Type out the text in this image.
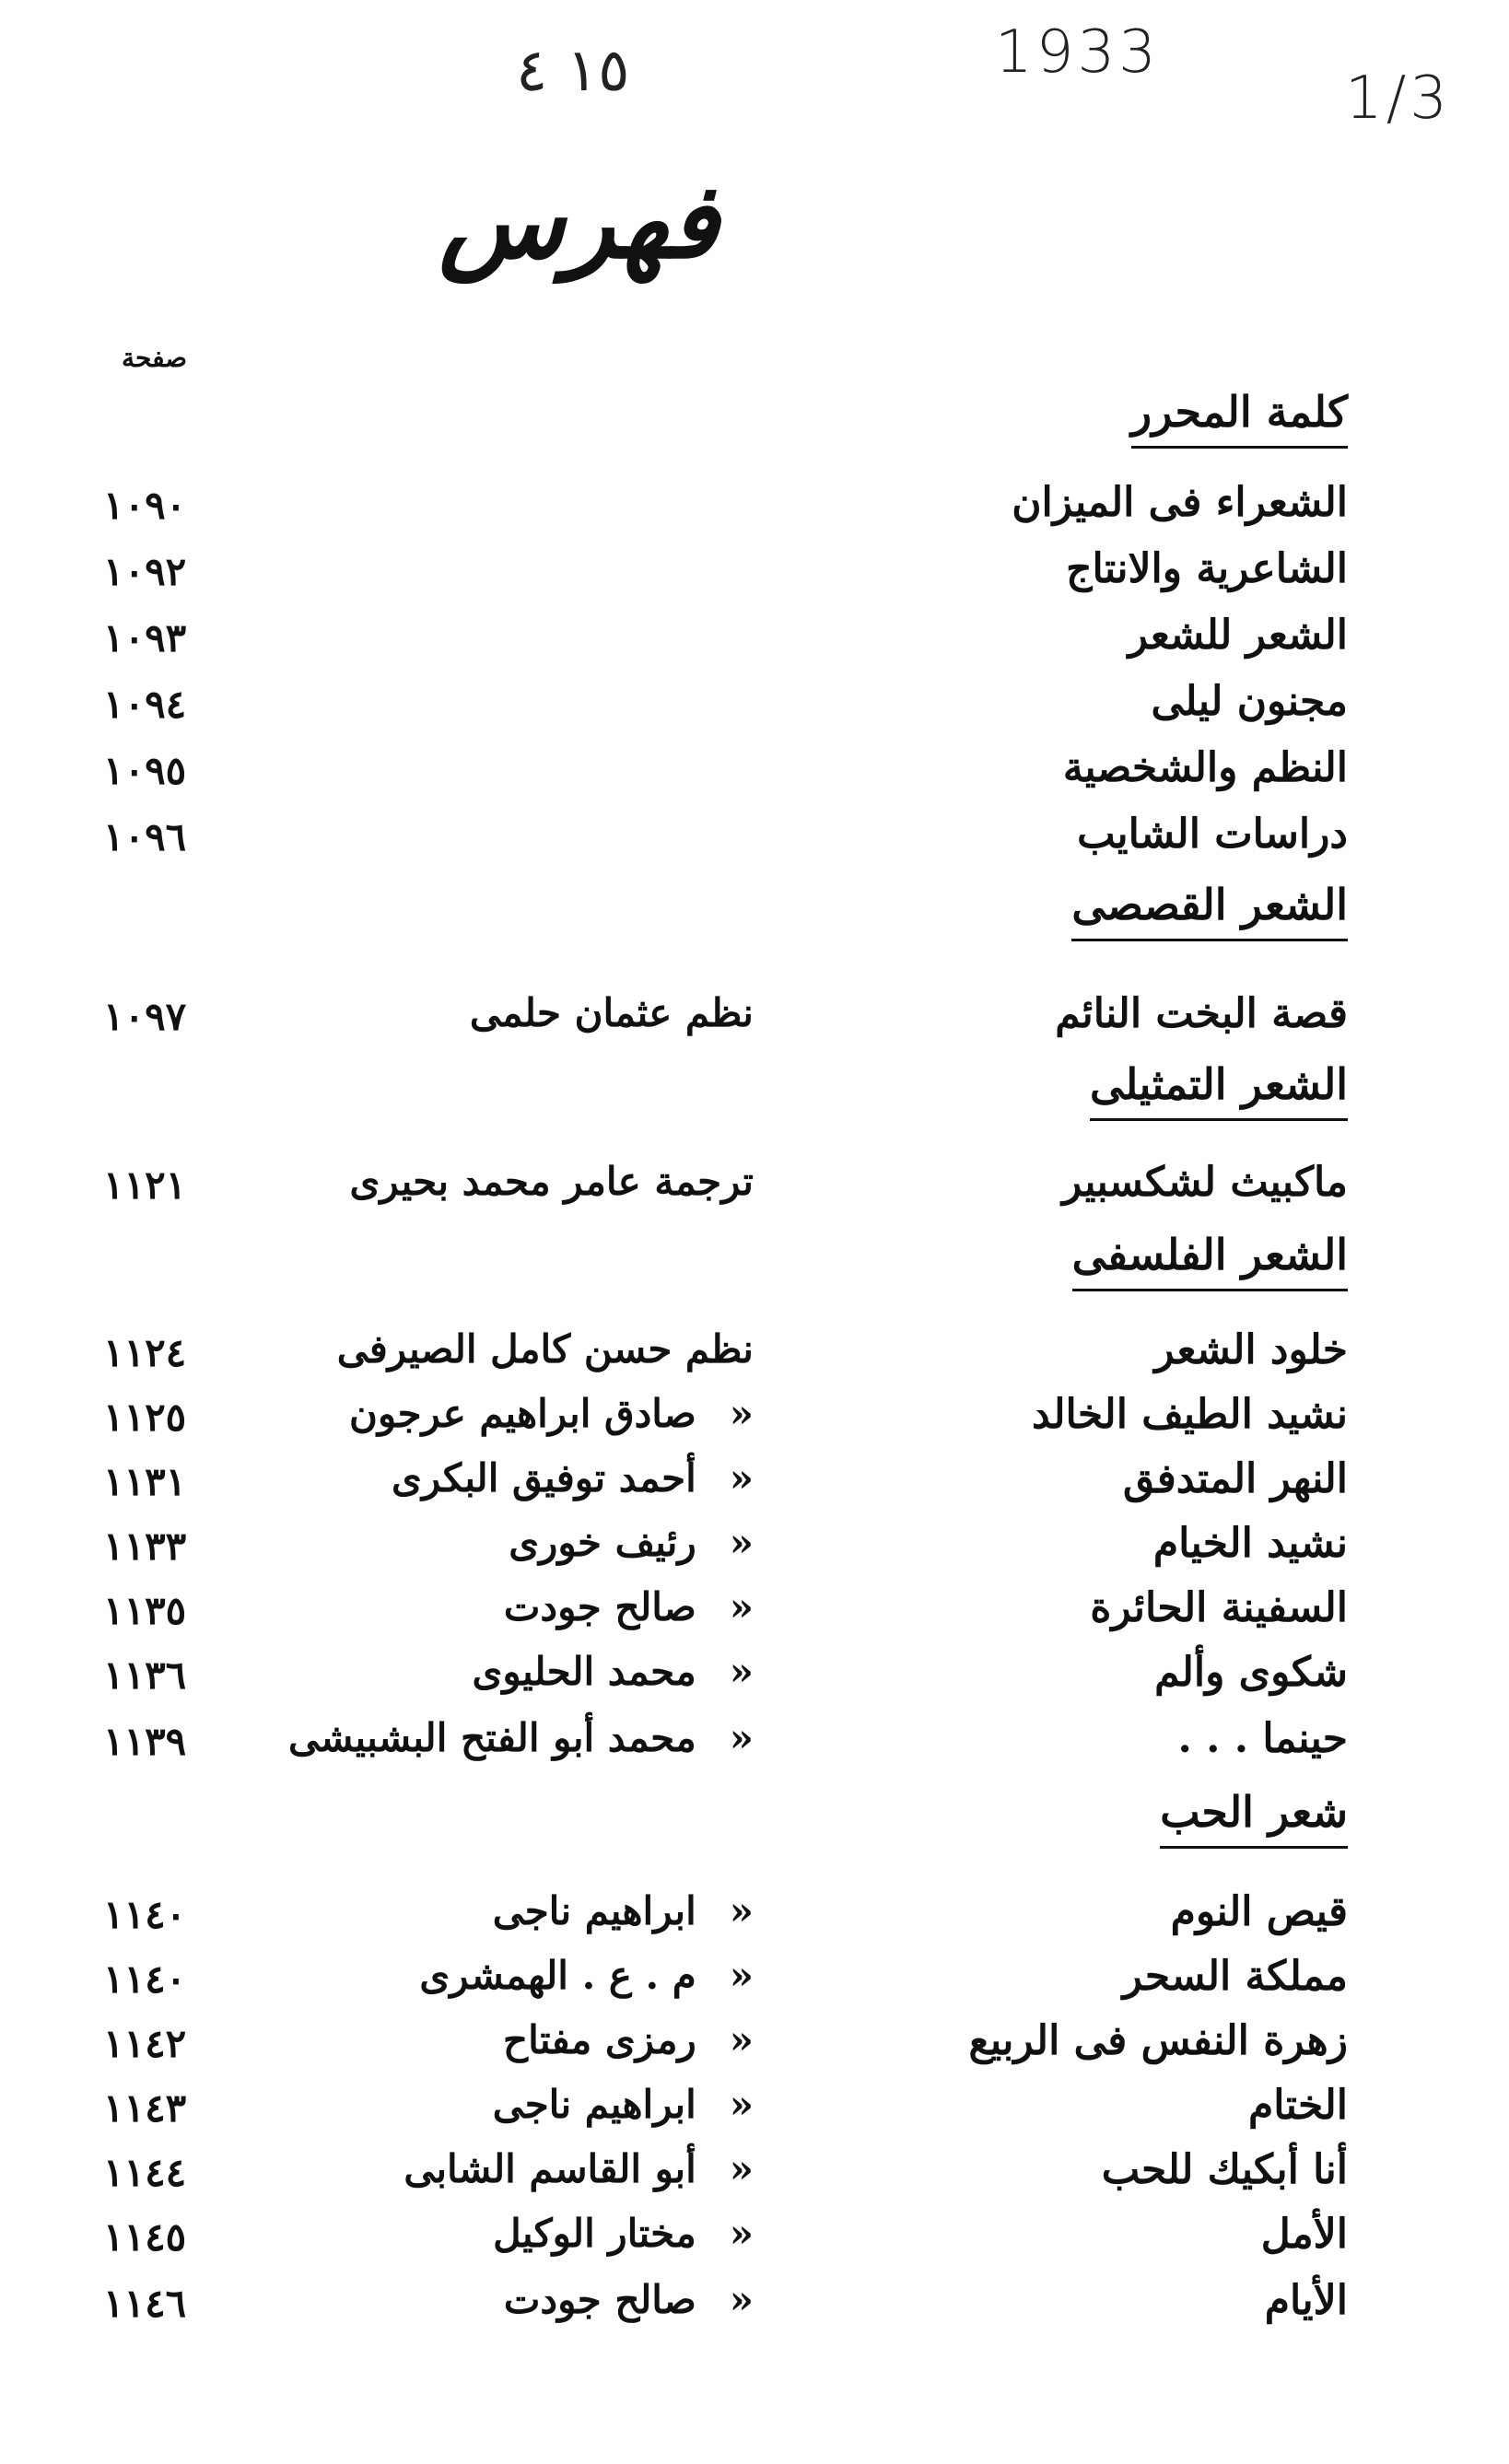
١٥ ٤	1933
1/3
فهرس
صفحة
كلمة المحرر
الشعراء فى الميزان
١٠٩٠
الشاعرية والانتاج
١٠٩٢
الشعر للشعر
١٠٩٣
مجنون ليلى
١٠٩٤
النظم والشخصية
١٠٩٥
دراسات الشايب
١٠٩٦
الشعر القصصى
قصة البخت النائم
نظم عثمان حلمى
١٠٩٧
الشعر التمثيلى
ماكبيث لشكسبير
ترجمة عامر محمد بحيرى
١١٢١
الشعر الفلسفى
خلود الشعر
نظم حسن كامل الصيرفى
١١٢٤
نشيد الطيف الخالد
«صادق ابراهيم عرجون
١١٢٥
النهر المتدفق
«أحمد توفيق البكرى
١١٣١
نشيد الخيام
«رئيف خورى
١١٣٣
السفينة الحائرة
«صالح جودت
١١٣٥
شكوى وألم
«محمد الحليوى
١١٣٦
حينما . . .
«محمد أبو الفتح البشبيشى
١١٣٩
شعر الحب
قيص النوم
«ابراهيم ناجى
١١٤٠
مملكة السحر
«م . ع . الهمشرى
١١٤٠
زهرة النفس فى الربيع
«رمزى مفتاح
١١٤٢
الختام
«ابراهيم ناجى
١١٤٣
أنا أبكيك للحب
«أبو القاسم الشابى
١١٤٤
الأمل
«مختار الوكيل
١١٤٥
الأيام
«صالح جودت
١١٤٦
